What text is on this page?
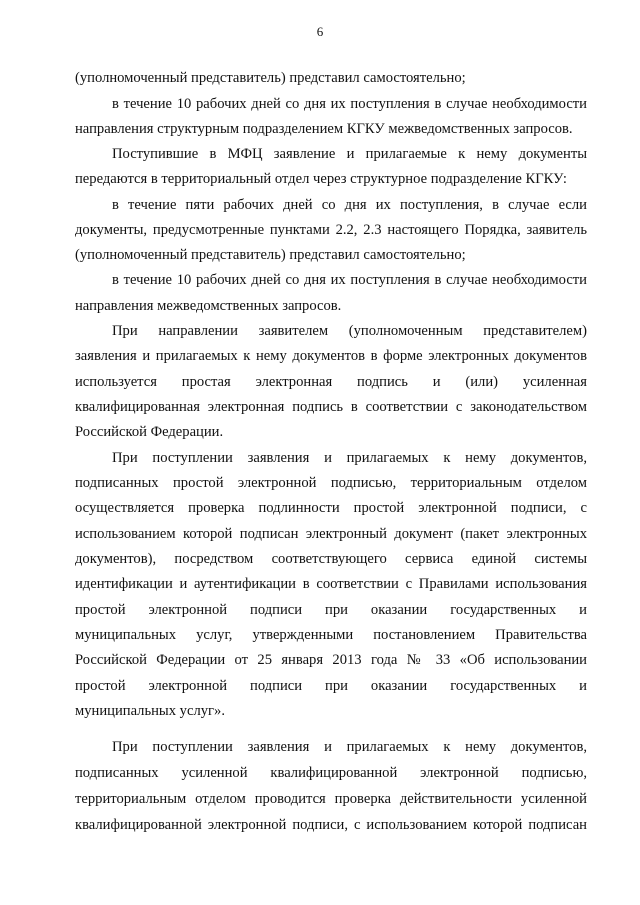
6
(уполномоченный представитель) представил самостоятельно;
в течение 10 рабочих дней со дня их поступления в случае необходимости
направления структурным подразделением КГКУ межведомственных запросов.
Поступившие в МФЦ заявление и прилагаемые к нему документы
передаются в территориальный отдел через структурное подразделение КГКУ:
в течение пяти рабочих дней со дня их поступления, в случае если
документы, предусмотренные пунктами 2.2, 2.3 настоящего Порядка, заявитель
(уполномоченный представитель) представил самостоятельно;
в течение 10 рабочих дней со дня их поступления в случае необходимости
направления межведомственных запросов.
При направлении заявителем (уполномоченным представителем)
заявления и прилагаемых к нему документов в форме электронных документов
используется простая электронная подпись и (или) усиленная
квалифицированная электронная подпись в соответствии с законодательством
Российской Федерации.
При поступлении заявления и прилагаемых к нему документов,
подписанных простой электронной подписью, территориальным отделом
осуществляется проверка подлинности простой электронной подписи, с
использованием которой подписан электронный документ (пакет электронных
документов), посредством соответствующего сервиса единой системы
идентификации и аутентификации в соответствии с Правилами использования
простой электронной подписи при оказании государственных и
муниципальных услуг, утвержденными постановлением Правительства
Российской Федерации от 25 января 2013 года № 33 «Об использовании
простой электронной подписи при оказании государственных и
муниципальных услуг».
При поступлении заявления и прилагаемых к нему документов,
подписанных усиленной квалифицированной электронной подписью,
территориальным отделом проводится проверка действительности усиленной
квалифицированной электронной подписи, с использованием которой подписан
